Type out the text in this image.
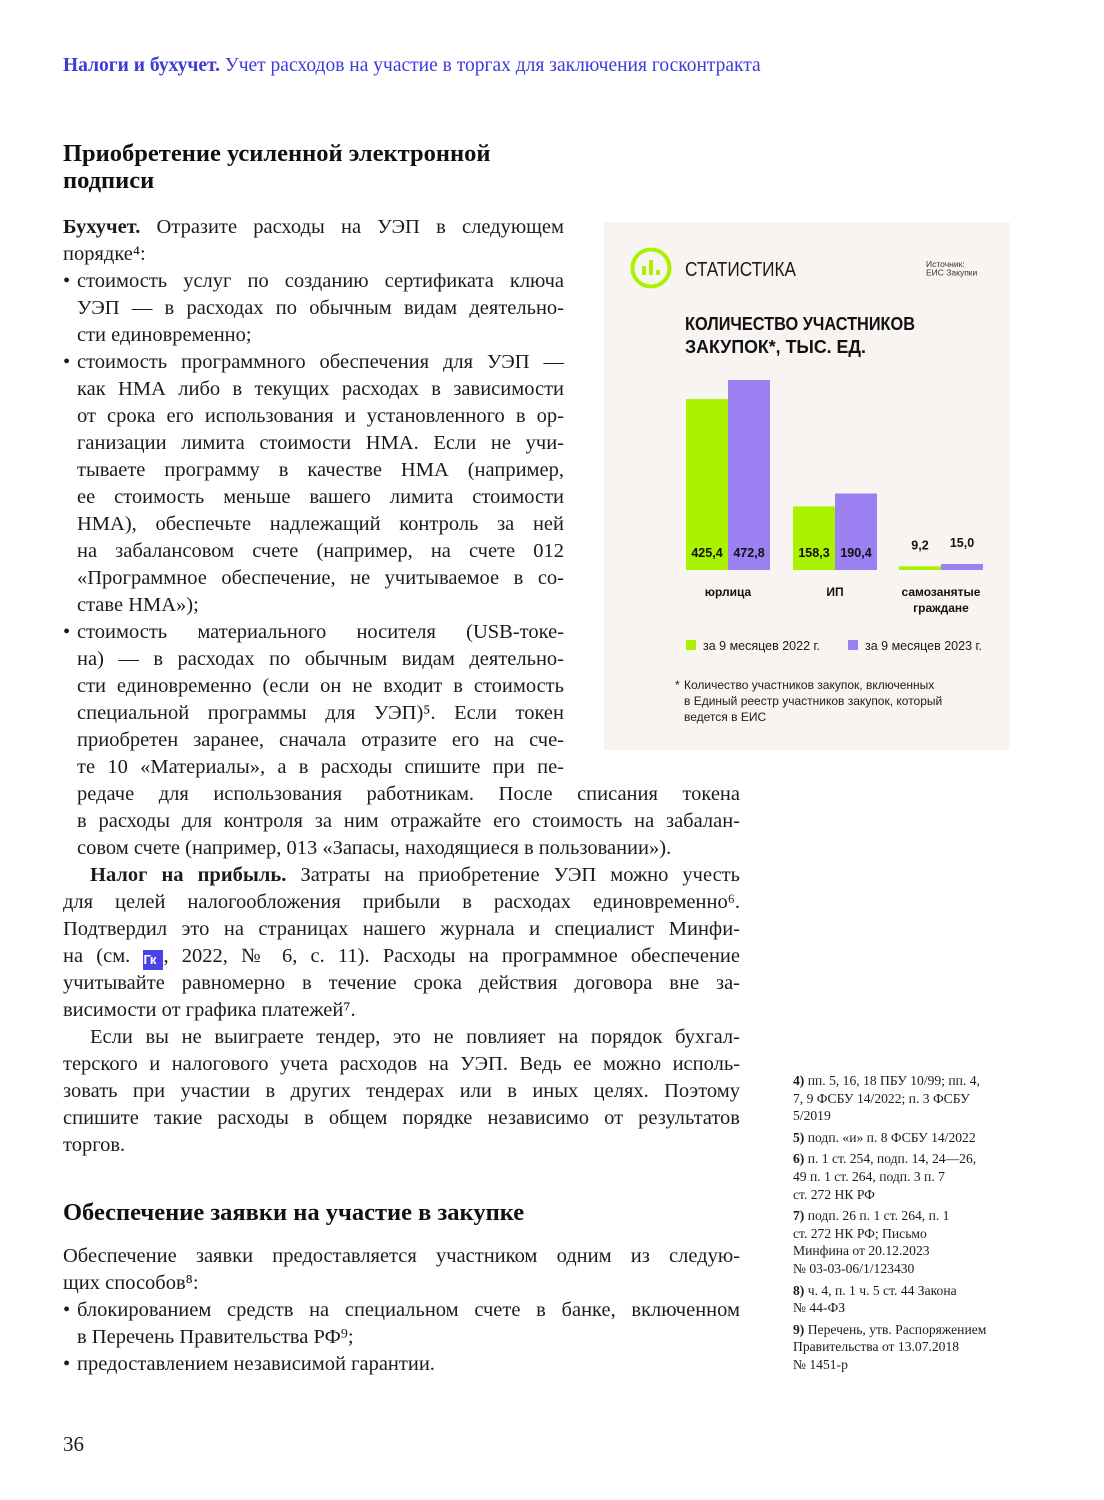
Налоги и бухучет. Учет расходов на участие в торгах для заключения госконтракта
Приобретение усиленной электронной
подписи
Бухучет. Отразите расходы на УЭП в следующем
порядке⁴:
• стоимость услуг по созданию сертификата ключа
УЭП — в расходах по обычным видам деятельно-
сти единовременно;
• стоимость программного обеспечения для УЭП —
как НМА либо в текущих расходах в зависимости
от срока его использования и установленного в ор-
ганизации лимита стоимости НМА. Если не учи-
тываете программу в качестве НМА (например,
ее стоимость меньше вашего лимита стоимости
НМА), обеспечьте надлежащий контроль за ней
на забалансовом счете (например, на счете 012
«Программное обеспечение, не учитываемое в со-
ставе НМА»);
• стоимость материального носителя (USB-токе-
на) — в расходах по обычным видам деятельно-
сти единовременно (если он не входит в стоимость
специальной программы для УЭП)⁵. Если токен
приобретен заранее, сначала отразите его на сче-
те 10 «Материалы», а в расходы спишите при пе-
редаче для использования работникам. После списания токена
в расходы для контроля за ним отражайте его стоимость на забалан-
совом счете (например, 013 «Запасы, находящиеся в пользовании»).
Налог на прибыль. Затраты на приобретение УЭП можно учесть
для целей налогообложения прибыли в расходах единовременно⁶.
Подтвердил это на страницах нашего журнала и специалист Минфи-
на (см. Гк , 2022, № 6, с. 11). Расходы на программное обеспечение
учитывайте равномерно в течение срока действия договора вне за-
висимости от графика платежей⁷.
Если вы не выиграете тендер, это не повлияет на порядок бухгал-
терского и налогового учета расходов на УЭП. Ведь ее можно исполь-
зовать при участии в других тендерах или в иных целях. Поэтому
спишите такие расходы в общем порядке независимо от результатов
торгов.
Обеспечение заявки на участие в закупке
Обеспечение заявки предоставляется участником одним из следую-
щих способов⁸:
• блокированием средств на специальном счете в банке, включенном
в Перечень Правительства РФ⁹;
• предоставлением независимой гарантии.
36
4) пп. 5, 16, 18 ПБУ 10/99; пп. 4,
7, 9 ФСБУ 14/2022; п. 3 ФСБУ
5/2019
5) подп. «и» п. 8 ФСБУ 14/2022
6) п. 1 ст. 254, подп. 14, 24—26,
49 п. 1 ст. 264, подп. 3 п. 7
ст. 272 НК РФ
7) подп. 26 п. 1 ст. 264, п. 1
ст. 272 НК РФ; Письмо
Минфина от 20.12.2023
№ 03-03-06/1/123430
8) ч. 4, п. 1 ч. 5 ст. 44 Закона
№ 44-ФЗ
9) Перечень, утв. Распоряжением
Правительства от 13.07.2018
№ 1451-р
СТАТИСТИКА	Источник:
ЕИС Закупки
КОЛИЧЕСТВО УЧАСТНИКОВ
ЗАКУПОК*, ТЫС. ЕД.
425,4	158,3
9,2
472,8	190,4
15,0
юрлица	ИП	самозанятые
граждане
за 9 месяцев 2022 г.	за 9 месяцев 2023 г.
* Количество участников закупок, включенных
в Единый реестр участников закупок, который
ведется в ЕИС
